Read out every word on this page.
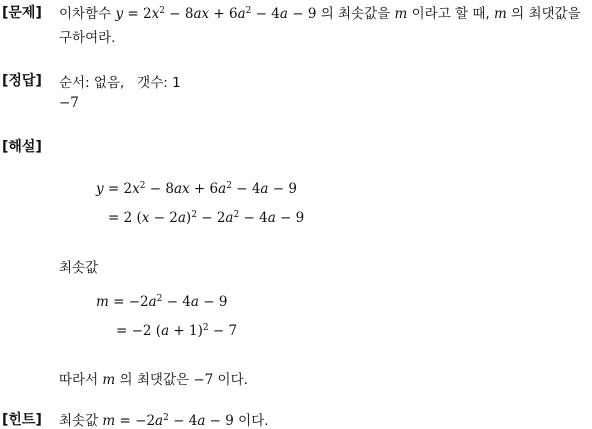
[문제] 이차함수 $y = 2x^2 - 8ax + 6a^2 - 4a - 9$ 의 최솟값을 m 이라고 할 때, m 의 최댓값을
구하여라.
[정답] 순서: 없음,   갯수: 1
−7
[해설]
$y = 2x^2 - 8ax + 6a^2 - 4a - 9$
= 2 $(x - 2a)^2 - 2a^2 - 4a - 9$
최솟값
$m = -2a^2 - 4a - 9$
= −2 $(a + 1)^2 - 7$
따라서 m 의 최댓값은 −7 이다.
[힌트] 최솟값 $m = -2a^2 - 4a - 9$ 이다.
